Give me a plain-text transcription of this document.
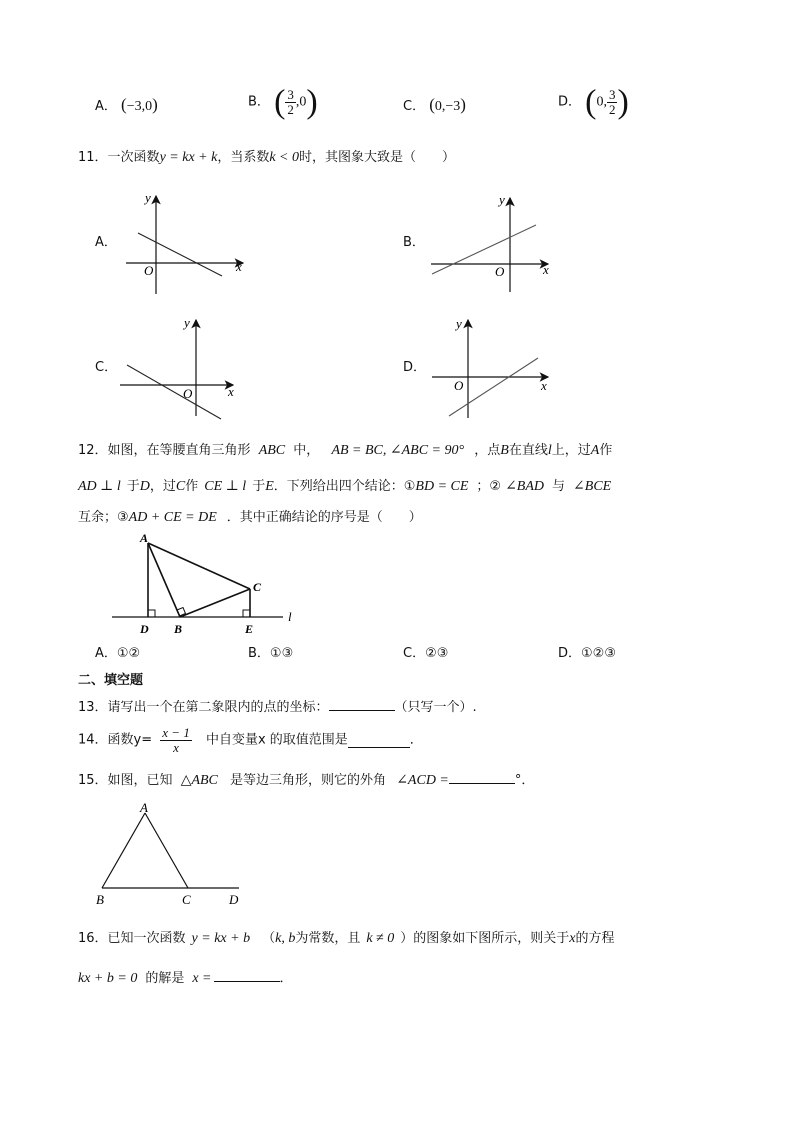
A． (−3,0)	B． ( $\frac{3}{2} ,0$)	C． (0,−3)	D． (0, $\frac{3}{2}$ )
11．一次函数y = kx + k，当系数k < 0时，其图象大致是（　　）
A．	B．
C．	D．
y
x
O
y
x
O
y
x
O
y
x
O
12．如图，在等腰直角三角形 ABC 中， AB = BC, ∠ABC = 90° ，点B在直线l上，过A作
AD ⊥ l 于D，过C作 CE ⊥ l 于E．下列给出四个结论：①BD = CE ；② ∠BAD 与 ∠BCE
互余；③AD + CE = DE ．其中正确结论的序号是（　　）
A
C
D B	E
l
A．①②	B．①③	C．②③	D．①②③
二、填空题
13．请写出一个在第二象限内的点的坐标：	（只写一个）.
14．函数$y= \frac{x - 1}{x}$ 中自变量x 的取值范围是	．
15．如图，已知 △ABC 是等边三角形，则它的外角 ∠ACD =	°．
A
B	C	D
16．已知一次函数 y = kx + b （k, b为常数，且 k ≠ 0 ）的图象如下图所示，则关于x的方程
kx + b = 0 的解是 x =	．
